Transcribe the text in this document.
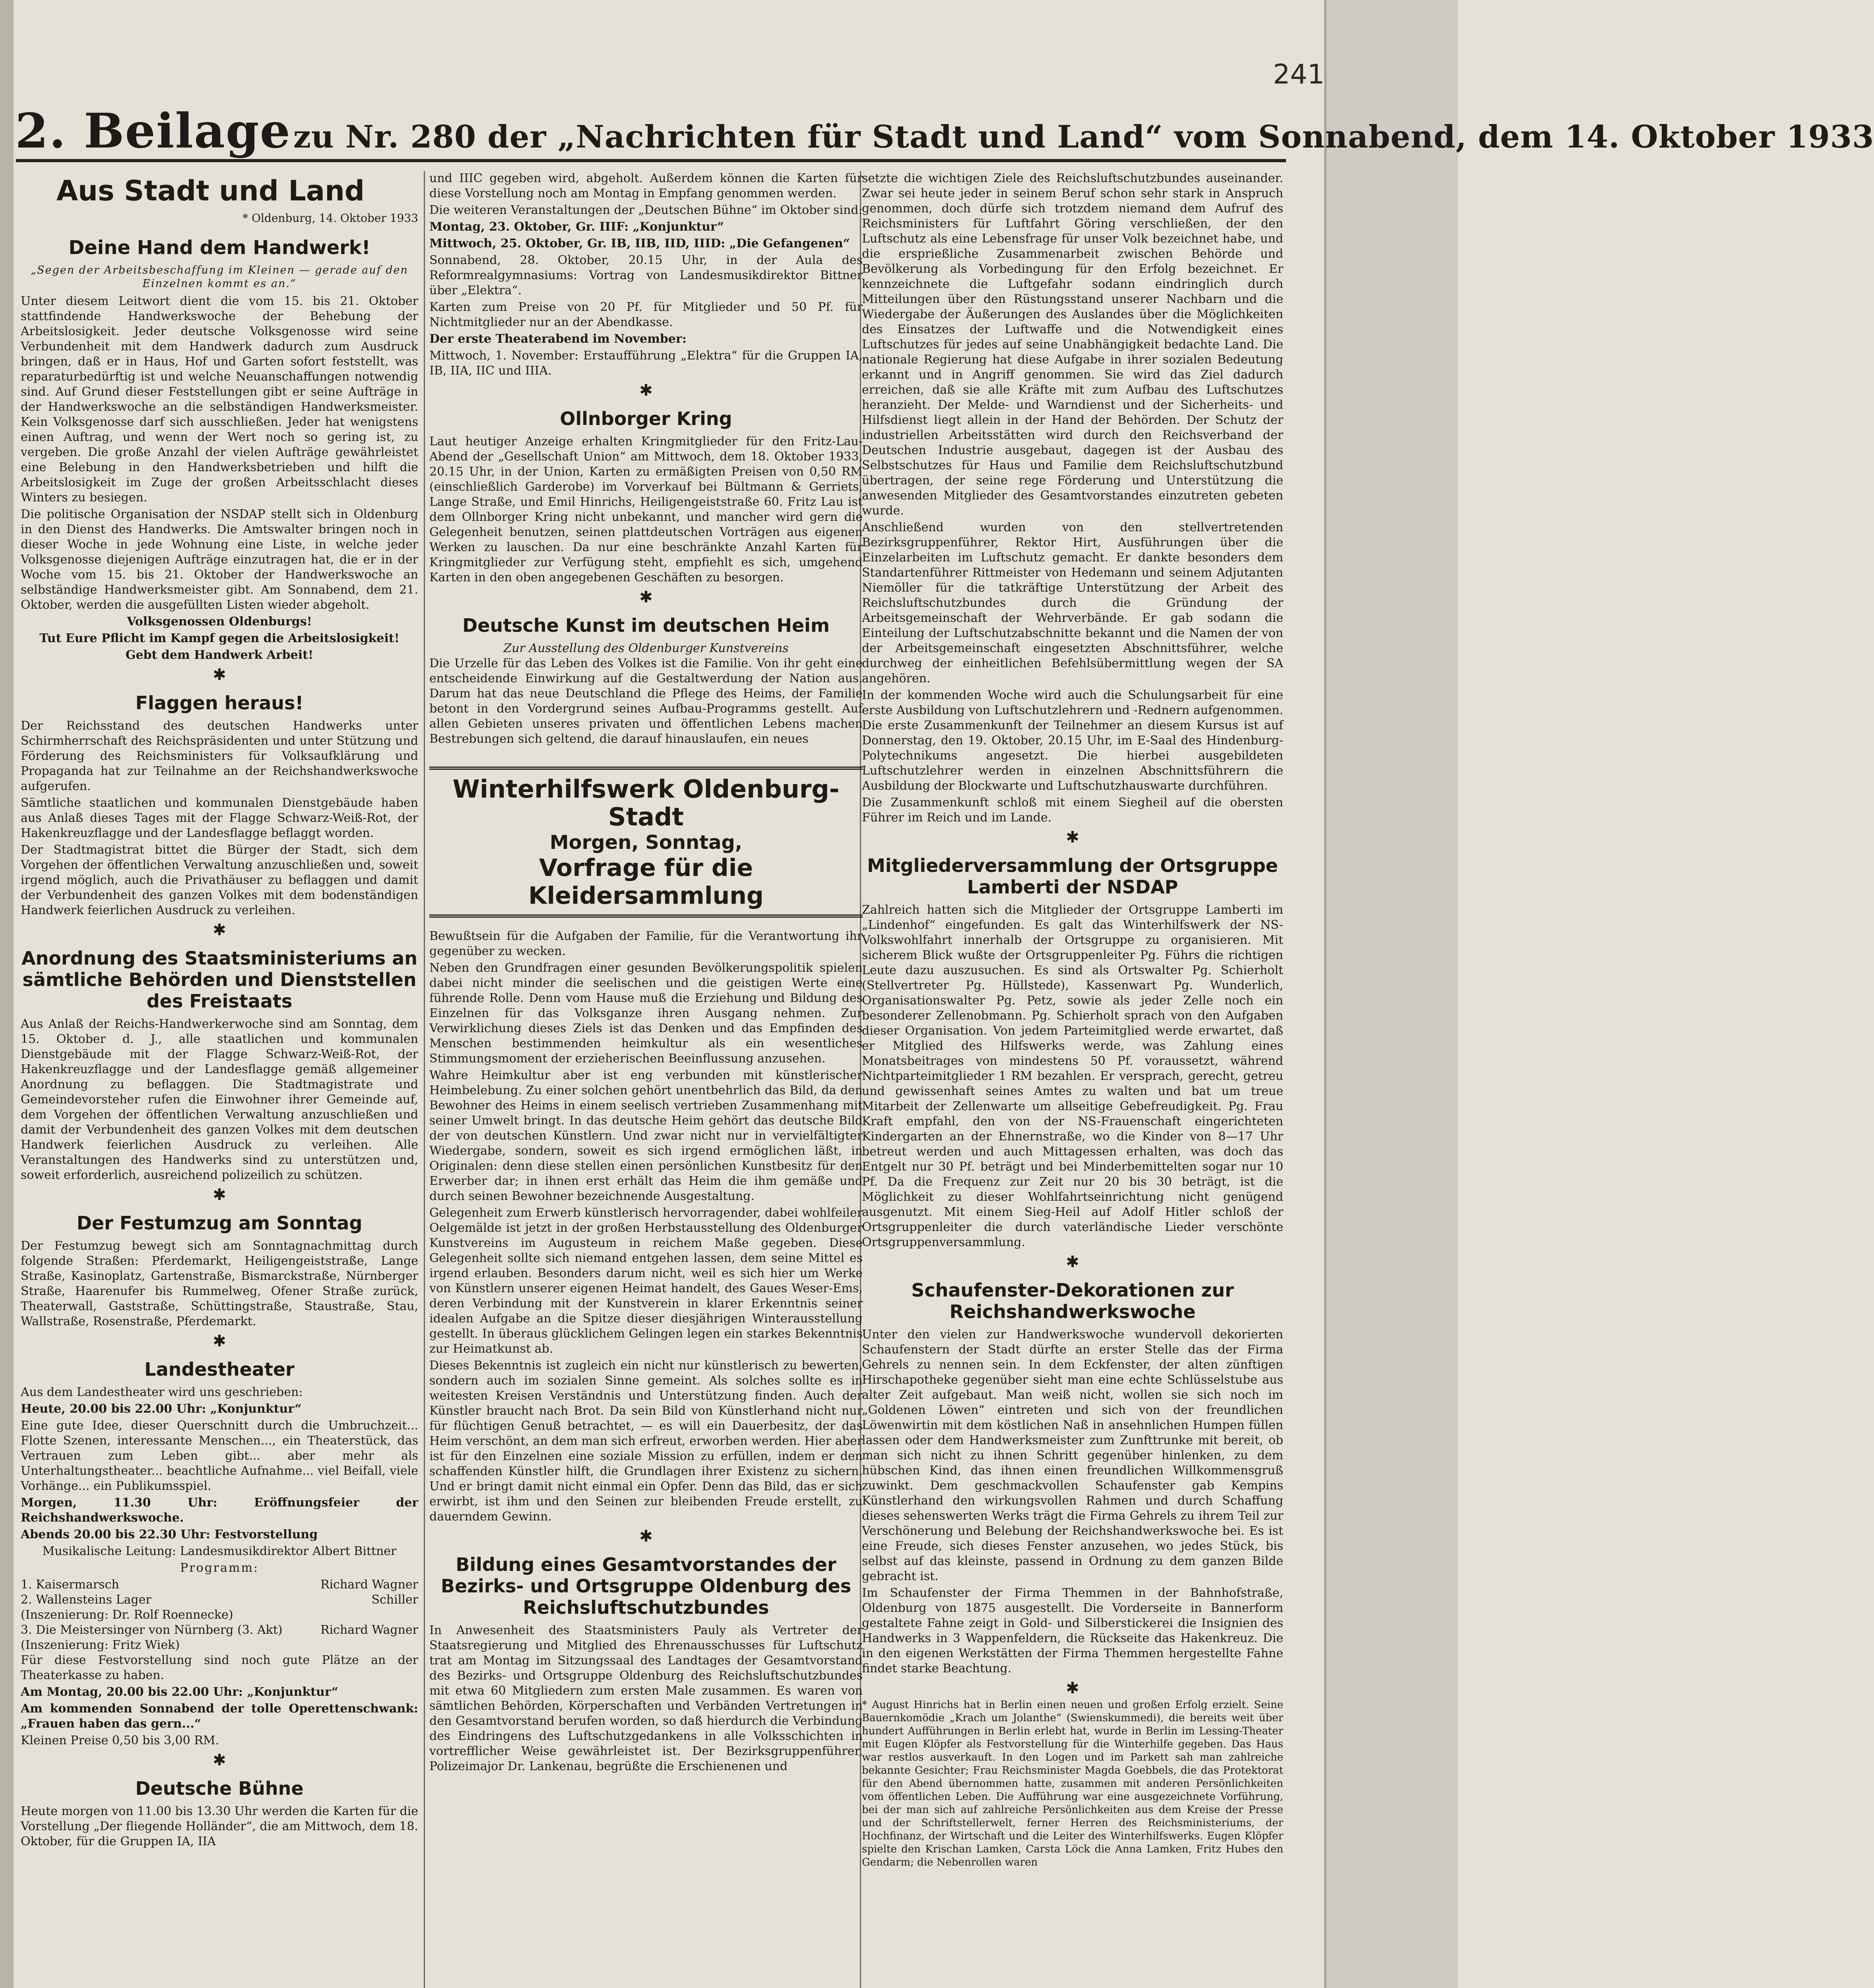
241
2. Beilage zu Nr. 280 der „Nachrichten für Stadt und Land“ vom Sonnabend, dem 14. Oktober 1933
Aus Stadt und Land
* Oldenburg, 14. Oktober 1933
Deine Hand dem Handwerk!
„Segen der Arbeitsbeschaffung im Kleinen — gerade auf den Einzelnen kommt es an.“

Unter diesem Leitwort dient die vom 15. bis 21. Oktober stattfindende Handwerkswoche der Behebung der Arbeitslosigkeit. Jeder deutsche Volksgenosse wird seine Verbundenheit mit dem Handwerk dadurch zum Ausdruck bringen, daß er in Haus, Hof und Garten sofort feststellt, was reparaturbedürftig ist und welche Neuanschaffungen notwendig sind. Auf Grund dieser Feststellungen gibt er seine Aufträge in der Handwerkswoche an die selbständigen Handwerksmeister. Kein Volksgenosse darf sich ausschließen. Jeder hat wenigstens einen Auftrag, und wenn der Wert noch so gering ist, zu vergeben. Die große Anzahl der vielen Aufträge gewährleistet eine Belebung in den Handwerksbetrieben und hilft die Arbeitslosigkeit im Zuge der großen Arbeitsschlacht dieses Winters zu besiegen.

Die politische Organisation der NSDAP stellt sich in Oldenburg in den Dienst des Handwerks. Die Amtswalter bringen noch in dieser Woche in jede Wohnung eine Liste, in welche jeder Volksgenosse diejenigen Aufträge einzutragen hat, die er in der Woche vom 15. bis 21. Oktober der Handwerkswoche an selbständige Handwerksmeister gibt. Am Sonnabend, dem 21. Oktober, werden die ausgefüllten Listen wieder abgeholt.

Volksgenossen Oldenburgs!

Tut Eure Pflicht im Kampf gegen die Arbeitslosigkeit!

Gebt dem Handwerk Arbeit!

✱
Flaggen heraus!

Der Reichsstand des deutschen Handwerks unter Schirmherrschaft des Reichspräsidenten und unter Stützung und Förderung des Reichsministers für Volksaufklärung und Propaganda hat zur Teilnahme an der Reichshandwerkswoche aufgerufen.

Sämtliche staatlichen und kommunalen Dienstgebäude haben aus Anlaß dieses Tages mit der Flagge Schwarz-Weiß-Rot, der Hakenkreuzflagge und der Landesflagge beflaggt worden.

Der Stadtmagistrat bittet die Bürger der Stadt, sich dem Vorgehen der öffentlichen Verwaltung anzuschließen und, soweit irgend möglich, auch die Privathäuser zu beflaggen und damit der Verbundenheit des ganzen Volkes mit dem bodenständigen Handwerk feierlichen Ausdruck zu verleihen.

✱
Anordnung des Staatsministeriums an sämtliche Behörden und Dienststellen des Freistaats

Aus Anlaß der Reichs-Handwerkerwoche sind am Sonntag, dem 15. Oktober d. J., alle staatlichen und kommunalen Dienstgebäude mit der Flagge Schwarz-Weiß-Rot, der Hakenkreuzflagge und der Landesflagge gemäß allgemeiner Anordnung zu beflaggen. Die Stadtmagistrate und Gemeindevorsteher rufen die Einwohner ihrer Gemeinde auf, dem Vorgehen der öffentlichen Verwaltung anzuschließen und damit der Verbundenheit des ganzen Volkes mit dem deutschen Handwerk feierlichen Ausdruck zu verleihen. Alle Veranstaltungen des Handwerks sind zu unterstützen und, soweit erforderlich, ausreichend polizeilich zu schützen.

✱
Der Festumzug am Sonntag

Der Festumzug bewegt sich am Sonntagnachmittag durch folgende Straßen: Pferdemarkt, Heiligengeiststraße, Lange Straße, Kasinoplatz, Gartenstraße, Bismarckstraße, Nürnberger Straße, Haarenufer bis Rummelweg, Ofener Straße zurück, Theaterwall, Gaststraße, Schüttingstraße, Staustraße, Stau, Wallstraße, Rosenstraße, Pferdemarkt.

✱
Landestheater

Aus dem Landestheater wird uns geschrieben:

Heute, 20.00 bis 22.00 Uhr: „Konjunktur“

Eine gute Idee, dieser Querschnitt durch die Umbruchzeit... Flotte Szenen, interessante Menschen..., ein Theaterstück, das Vertrauen zum Leben gibt... aber mehr als Unterhaltungstheater... beachtliche Aufnahme... viel Beifall, viele Vorhänge... ein Publikumsspiel.

Morgen, 11.30 Uhr: Eröffnungsfeier der Reichshandwerkswoche.

Abends 20.00 bis 22.30 Uhr: Festvorstellung

Musikalische Leitung: Landesmusikdirektor Albert Bittner

Programm:

1. Kaisermarsch	Richard Wagner
2. Wallensteins Lager	Schiller
(Inszenierung: Dr. Rolf Roennecke)
3. Die Meistersinger von Nürnberg (3. Akt)	Richard Wagner
(Inszenierung: Fritz Wiek)

Für diese Festvorstellung sind noch gute Plätze an der Theaterkasse zu haben.

Am Montag, 20.00 bis 22.00 Uhr: „Konjunktur“

Am kommenden Sonnabend der tolle Operettenschwank: „Frauen haben das gern...“

Kleinen Preise 0,50 bis 3,00 RM.

✱
Deutsche Bühne

Heute morgen von 11.00 bis 13.30 Uhr werden die Karten für die Vorstellung „Der fliegende Holländer“, die am Mittwoch, dem 18. Oktober, für die Gruppen IA, IIA

und IIIC gegeben wird, abgeholt. Außerdem können die Karten für diese Vorstellung noch am Montag in Empfang genommen werden.

Die weiteren Veranstaltungen der „Deutschen Bühne“ im Oktober sind:

Montag, 23. Oktober, Gr. IIIF: „Konjunktur“

Mittwoch, 25. Oktober, Gr. IB, IIB, IID, IIID: „Die Gefangenen“

Sonnabend, 28. Oktober, 20.15 Uhr, in der Aula des Reformrealgymnasiums: Vortrag von Landesmusikdirektor Bittner über „Elektra“.

Karten zum Preise von 20 Pf. für Mitglieder und 50 Pf. für Nichtmitglieder nur an der Abendkasse.

Der erste Theaterabend im November:

Mittwoch, 1. November: Erstaufführung „Elektra“ für die Gruppen IA, IB, IIA, IIC und IIIA.

✱
Ollnborger Kring

Laut heutiger Anzeige erhalten Kringmitglieder für den Fritz-Lau-Abend der „Gesellschaft Union“ am Mittwoch, dem 18. Oktober 1933, 20.15 Uhr, in der Union, Karten zu ermäßigten Preisen von 0,50 RM (einschließlich Garderobe) im Vorverkauf bei Bültmann & Gerriets, Lange Straße, und Emil Hinrichs, Heiligengeiststraße 60. Fritz Lau ist dem Ollnborger Kring nicht unbekannt, und mancher wird gern die Gelegenheit benutzen, seinen plattdeutschen Vorträgen aus eigenen Werken zu lauschen. Da nur eine beschränkte Anzahl Karten für Kringmitglieder zur Verfügung steht, empfiehlt es sich, umgehend Karten in den oben angegebenen Geschäften zu besorgen.

✱
Deutsche Kunst im deutschen Heim
Zur Ausstellung des Oldenburger Kunstvereins

Die Urzelle für das Leben des Volkes ist die Familie. Von ihr geht eine entscheidende Einwirkung auf die Gestaltwerdung der Nation aus. Darum hat das neue Deutschland die Pflege des Heims, der Familie betont in den Vordergrund seines Aufbau-Programms gestellt. Auf allen Gebieten unseres privaten und öffentlichen Lebens machen Bestrebungen sich geltend, die darauf hinauslaufen, ein neues

Winterhilfswerk Oldenburg-Stadt
Morgen, Sonntag,
Vorfrage für die Kleidersammlung

Bewußtsein für die Aufgaben der Familie, für die Verantwortung ihr gegenüber zu wecken.

Neben den Grundfragen einer gesunden Bevölkerungspolitik spielen dabei nicht minder die seelischen und die geistigen Werte eine führende Rolle. Denn vom Hause muß die Erziehung und Bildung des Einzelnen für das Volksganze ihren Ausgang nehmen. Zur Verwirklichung dieses Ziels ist das Denken und das Empfinden des Menschen bestimmenden heimkultur als ein wesentliches Stimmungsmoment der erzieherischen Beeinflussung anzusehen.

Wahre Heimkultur aber ist eng verbunden mit künstlerischer Heimbelebung. Zu einer solchen gehört unentbehrlich das Bild, da den Bewohner des Heims in einem seelisch vertrieben Zusammenhang mit seiner Umwelt bringt. In das deutsche Heim gehört das deutsche Bild der von deutschen Künstlern. Und zwar nicht nur in vervielfältigter Wiedergabe, sondern, soweit es sich irgend ermöglichen läßt, in Originalen: denn diese stellen einen persönlichen Kunstbesitz für den Erwerber dar; in ihnen erst erhält das Heim die ihm gemäße und durch seinen Bewohner bezeichnende Ausgestaltung.

Gelegenheit zum Erwerb künstlerisch hervorragender, dabei wohlfeiler Oelgemälde ist jetzt in der großen Herbstausstellung des Oldenburger Kunstvereins im Augusteum in reichem Maße gegeben. Diese Gelegenheit sollte sich niemand entgehen lassen, dem seine Mittel es irgend erlauben. Besonders darum nicht, weil es sich hier um Werke von Künstlern unserer eigenen Heimat handelt, des Gaues Weser-Ems, deren Verbindung mit der Kunstverein in klarer Erkenntnis seiner idealen Aufgabe an die Spitze dieser diesjährigen Winterausstellung gestellt. In überaus glücklichem Gelingen legen ein starkes Bekenntnis zur Heimatkunst ab.

Dieses Bekenntnis ist zugleich ein nicht nur künstlerisch zu bewerten, sondern auch im sozialen Sinne gemeint. Als solches sollte es in weitesten Kreisen Verständnis und Unterstützung finden. Auch der Künstler braucht nach Brot. Da sein Bild von Künstlerhand nicht nur für flüchtigen Genuß betrachtet, — es will ein Dauerbesitz, der das Heim verschönt, an dem man sich erfreut, erworben werden. Hier aber ist für den Einzelnen eine soziale Mission zu erfüllen, indem er den schaffenden Künstler hilft, die Grundlagen ihrer Existenz zu sichern. Und er bringt damit nicht einmal ein Opfer. Denn das Bild, das er sich erwirbt, ist ihm und den Seinen zur bleibenden Freude erstellt, zu dauerndem Gewinn.

✱
Bildung eines Gesamtvorstandes der Bezirks- und Ortsgruppe Oldenburg des Reichsluftschutzbundes

In Anwesenheit des Staatsministers Pauly als Vertreter der Staatsregierung und Mitglied des Ehrenausschusses für Luftschutz trat am Montag im Sitzungssaal des Landtages der Gesamtvorstand des Bezirks- und Ortsgruppe Oldenburg des Reichsluftschutzbundes mit etwa 60 Mitgliedern zum ersten Male zusammen. Es waren von sämtlichen Behörden, Körperschaften und Verbänden Vertretungen in den Gesamtvorstand berufen worden, so daß hierdurch die Verbindung des Eindringens des Luftschutzgedankens in alle Volksschichten in vortrefflicher Weise gewährleistet ist. Der Bezirksgruppenführer, Polizeimajor Dr. Lankenau, begrüßte die Erschienenen und

setzte die wichtigen Ziele des Reichsluftschutzbundes auseinander. Zwar sei heute jeder in seinem Beruf schon sehr stark in Anspruch genommen, doch dürfe sich trotzdem niemand dem Aufruf des Reichsministers für Luftfahrt Göring verschließen, der den Luftschutz als eine Lebensfrage für unser Volk bezeichnet habe, und die ersprießliche Zusammenarbeit zwischen Behörde und Bevölkerung als Vorbedingung für den Erfolg bezeichnet. Er kennzeichnete die Luftgefahr sodann eindringlich durch Mitteilungen über den Rüstungsstand unserer Nachbarn und die Wiedergabe der Äußerungen des Auslandes über die Möglichkeiten des Einsatzes der Luftwaffe und die Notwendigkeit eines Luftschutzes für jedes auf seine Unabhängigkeit bedachte Land. Die nationale Regierung hat diese Aufgabe in ihrer sozialen Bedeutung erkannt und in Angriff genommen. Sie wird das Ziel dadurch erreichen, daß sie alle Kräfte mit zum Aufbau des Luftschutzes heranzieht. Der Melde- und Warndienst und der Sicherheits- und Hilfsdienst liegt allein in der Hand der Behörden. Der Schutz der industriellen Arbeitsstätten wird durch den Reichsverband der Deutschen Industrie ausgebaut, dagegen ist der Ausbau des Selbstschutzes für Haus und Familie dem Reichsluftschutzbund übertragen, der seine rege Förderung und Unterstützung die anwesenden Mitglieder des Gesamtvorstandes einzutreten gebeten wurde.

Anschließend wurden von den stellvertretenden Bezirksgruppenführer, Rektor Hirt, Ausführungen über die Einzelarbeiten im Luftschutz gemacht. Er dankte besonders dem Standartenführer Rittmeister von Hedemann und seinem Adjutanten Niemöller für die tatkräftige Unterstützung der Arbeit des Reichsluftschutzbundes durch die Gründung der Arbeitsgemeinschaft der Wehrverbände. Er gab sodann die Einteilung der Luftschutzabschnitte bekannt und die Namen der von der Arbeitsgemeinschaft eingesetzten Abschnittsführer, welche durchweg der einheitlichen Befehlsübermittlung wegen der SA angehören.

In der kommenden Woche wird auch die Schulungsarbeit für eine erste Ausbildung von Luftschutzlehrern und -Rednern aufgenommen. Die erste Zusammenkunft der Teilnehmer an diesem Kursus ist auf Donnerstag, den 19. Oktober, 20.15 Uhr, im E-Saal des Hindenburg-Polytechnikums angesetzt. Die hierbei ausgebildeten Luftschutzlehrer werden in einzelnen Abschnittsführern die Ausbildung der Blockwarte und Luftschutzhauswarte durchführen.

Die Zusammenkunft schloß mit einem Siegheil auf die obersten Führer im Reich und im Lande.

✱
Mitgliederversammlung der Ortsgruppe Lamberti der NSDAP

Zahlreich hatten sich die Mitglieder der Ortsgruppe Lamberti im „Lindenhof“ eingefunden. Es galt das Winterhilfswerk der NS-Volkswohlfahrt innerhalb der Ortsgruppe zu organisieren. Mit sicherem Blick wußte der Ortsgruppenleiter Pg. Führs die richtigen Leute dazu auszusuchen. Es sind als Ortswalter Pg. Schierholt (Stellvertreter Pg. Hüllstede), Kassenwart Pg. Wunderlich, Organisationswalter Pg. Petz, sowie als jeder Zelle noch ein besonderer Zellenobmann. Pg. Schierholt sprach von den Aufgaben dieser Organisation. Von jedem Parteimitglied werde erwartet, daß er Mitglied des Hilfswerks werde, was Zahlung eines Monatsbeitrages von mindestens 50 Pf. voraussetzt, während Nichtparteimitglieder 1 RM bezahlen. Er versprach, gerecht, getreu und gewissenhaft seines Amtes zu walten und bat um treue Mitarbeit der Zellenwarte um allseitige Gebefreudigkeit. Pg. Frau Kraft empfahl, den von der NS-Frauenschaft eingerichteten Kindergarten an der Ehnernstraße, wo die Kinder von 8—17 Uhr betreut werden und auch Mittagessen erhalten, was doch das Entgelt nur 30 Pf. beträgt und bei Minderbemittelten sogar nur 10 Pf. Da die Frequenz zur Zeit nur 20 bis 30 beträgt, ist die Möglichkeit zu dieser Wohlfahrtseinrichtung nicht genügend ausgenutzt. Mit einem Sieg-Heil auf Adolf Hitler schloß der Ortsgruppenleiter die durch vaterländische Lieder verschönte Ortsgruppenversammlung.

✱
Schaufenster-Dekorationen zur Reichshandwerkswoche

Unter den vielen zur Handwerkswoche wundervoll dekorierten Schaufenstern der Stadt dürfte an erster Stelle das der Firma Gehrels zu nennen sein. In dem Eckfenster, der alten zünftigen Hirschapotheke gegenüber sieht man eine echte Schlüsselstube aus alter Zeit aufgebaut. Man weiß nicht, wollen sie sich noch im „Goldenen Löwen“ eintreten und sich von der freundlichen Löwenwirtin mit dem köstlichen Naß in ansehnlichen Humpen füllen lassen oder dem Handwerksmeister zum Zunfttrunke mit bereit, ob man sich nicht zu ihnen Schritt gegenüber hinlenken, zu dem hübschen Kind, das ihnen einen freundlichen Willkommensgruß zuwinkt. Dem geschmackvollen Schaufenster gab Kempins Künstlerhand den wirkungsvollen Rahmen und durch Schaffung dieses sehenswerten Werks trägt die Firma Gehrels zu ihrem Teil zur Verschönerung und Belebung der Reichshandwerkswoche bei. Es ist eine Freude, sich dieses Fenster anzusehen, wo jedes Stück, bis selbst auf das kleinste, passend in Ordnung zu dem ganzen Bilde gebracht ist.

Im Schaufenster der Firma Themmen in der Bahnhofstraße, Oldenburg von 1875 ausgestellt. Die Vorderseite in Bannerform gestaltete Fahne zeigt in Gold- und Silberstickerei die Insignien des Handwerks in 3 Wappenfeldern, die Rückseite das Hakenkreuz. Die in den eigenen Werkstätten der Firma Themmen hergestellte Fahne findet starke Beachtung.

✱

* August Hinrichs hat in Berlin einen neuen und großen Erfolg erzielt. Seine Bauernkomödie „Krach um Jolanthe“ (Swienskummedi), die bereits weit über hundert Aufführungen in Berlin erlebt hat, wurde in Berlin im Lessing-Theater mit Eugen Klöpfer als Festvorstellung für die Winterhilfe gegeben. Das Haus war restlos ausverkauft. In den Logen und im Parkett sah man zahlreiche bekannte Gesichter; Frau Reichsminister Magda Goebbels, die das Protektorat für den Abend übernommen hatte, zusammen mit anderen Persönlichkeiten vom öffentlichen Leben. Die Aufführung war eine ausgezeichnete Vorführung, bei der man sich auf zahlreiche Persönlichkeiten aus dem Kreise der Presse und der Schriftstellerwelt, ferner Herren des Reichsministeriums, der Hochfinanz, der Wirtschaft und die Leiter des Winterhilfswerks. Eugen Klöpfer spielte den Krischan Lamken, Carsta Löck die Anna Lamken, Fritz Hubes den Gendarm; die Nebenrollen waren
